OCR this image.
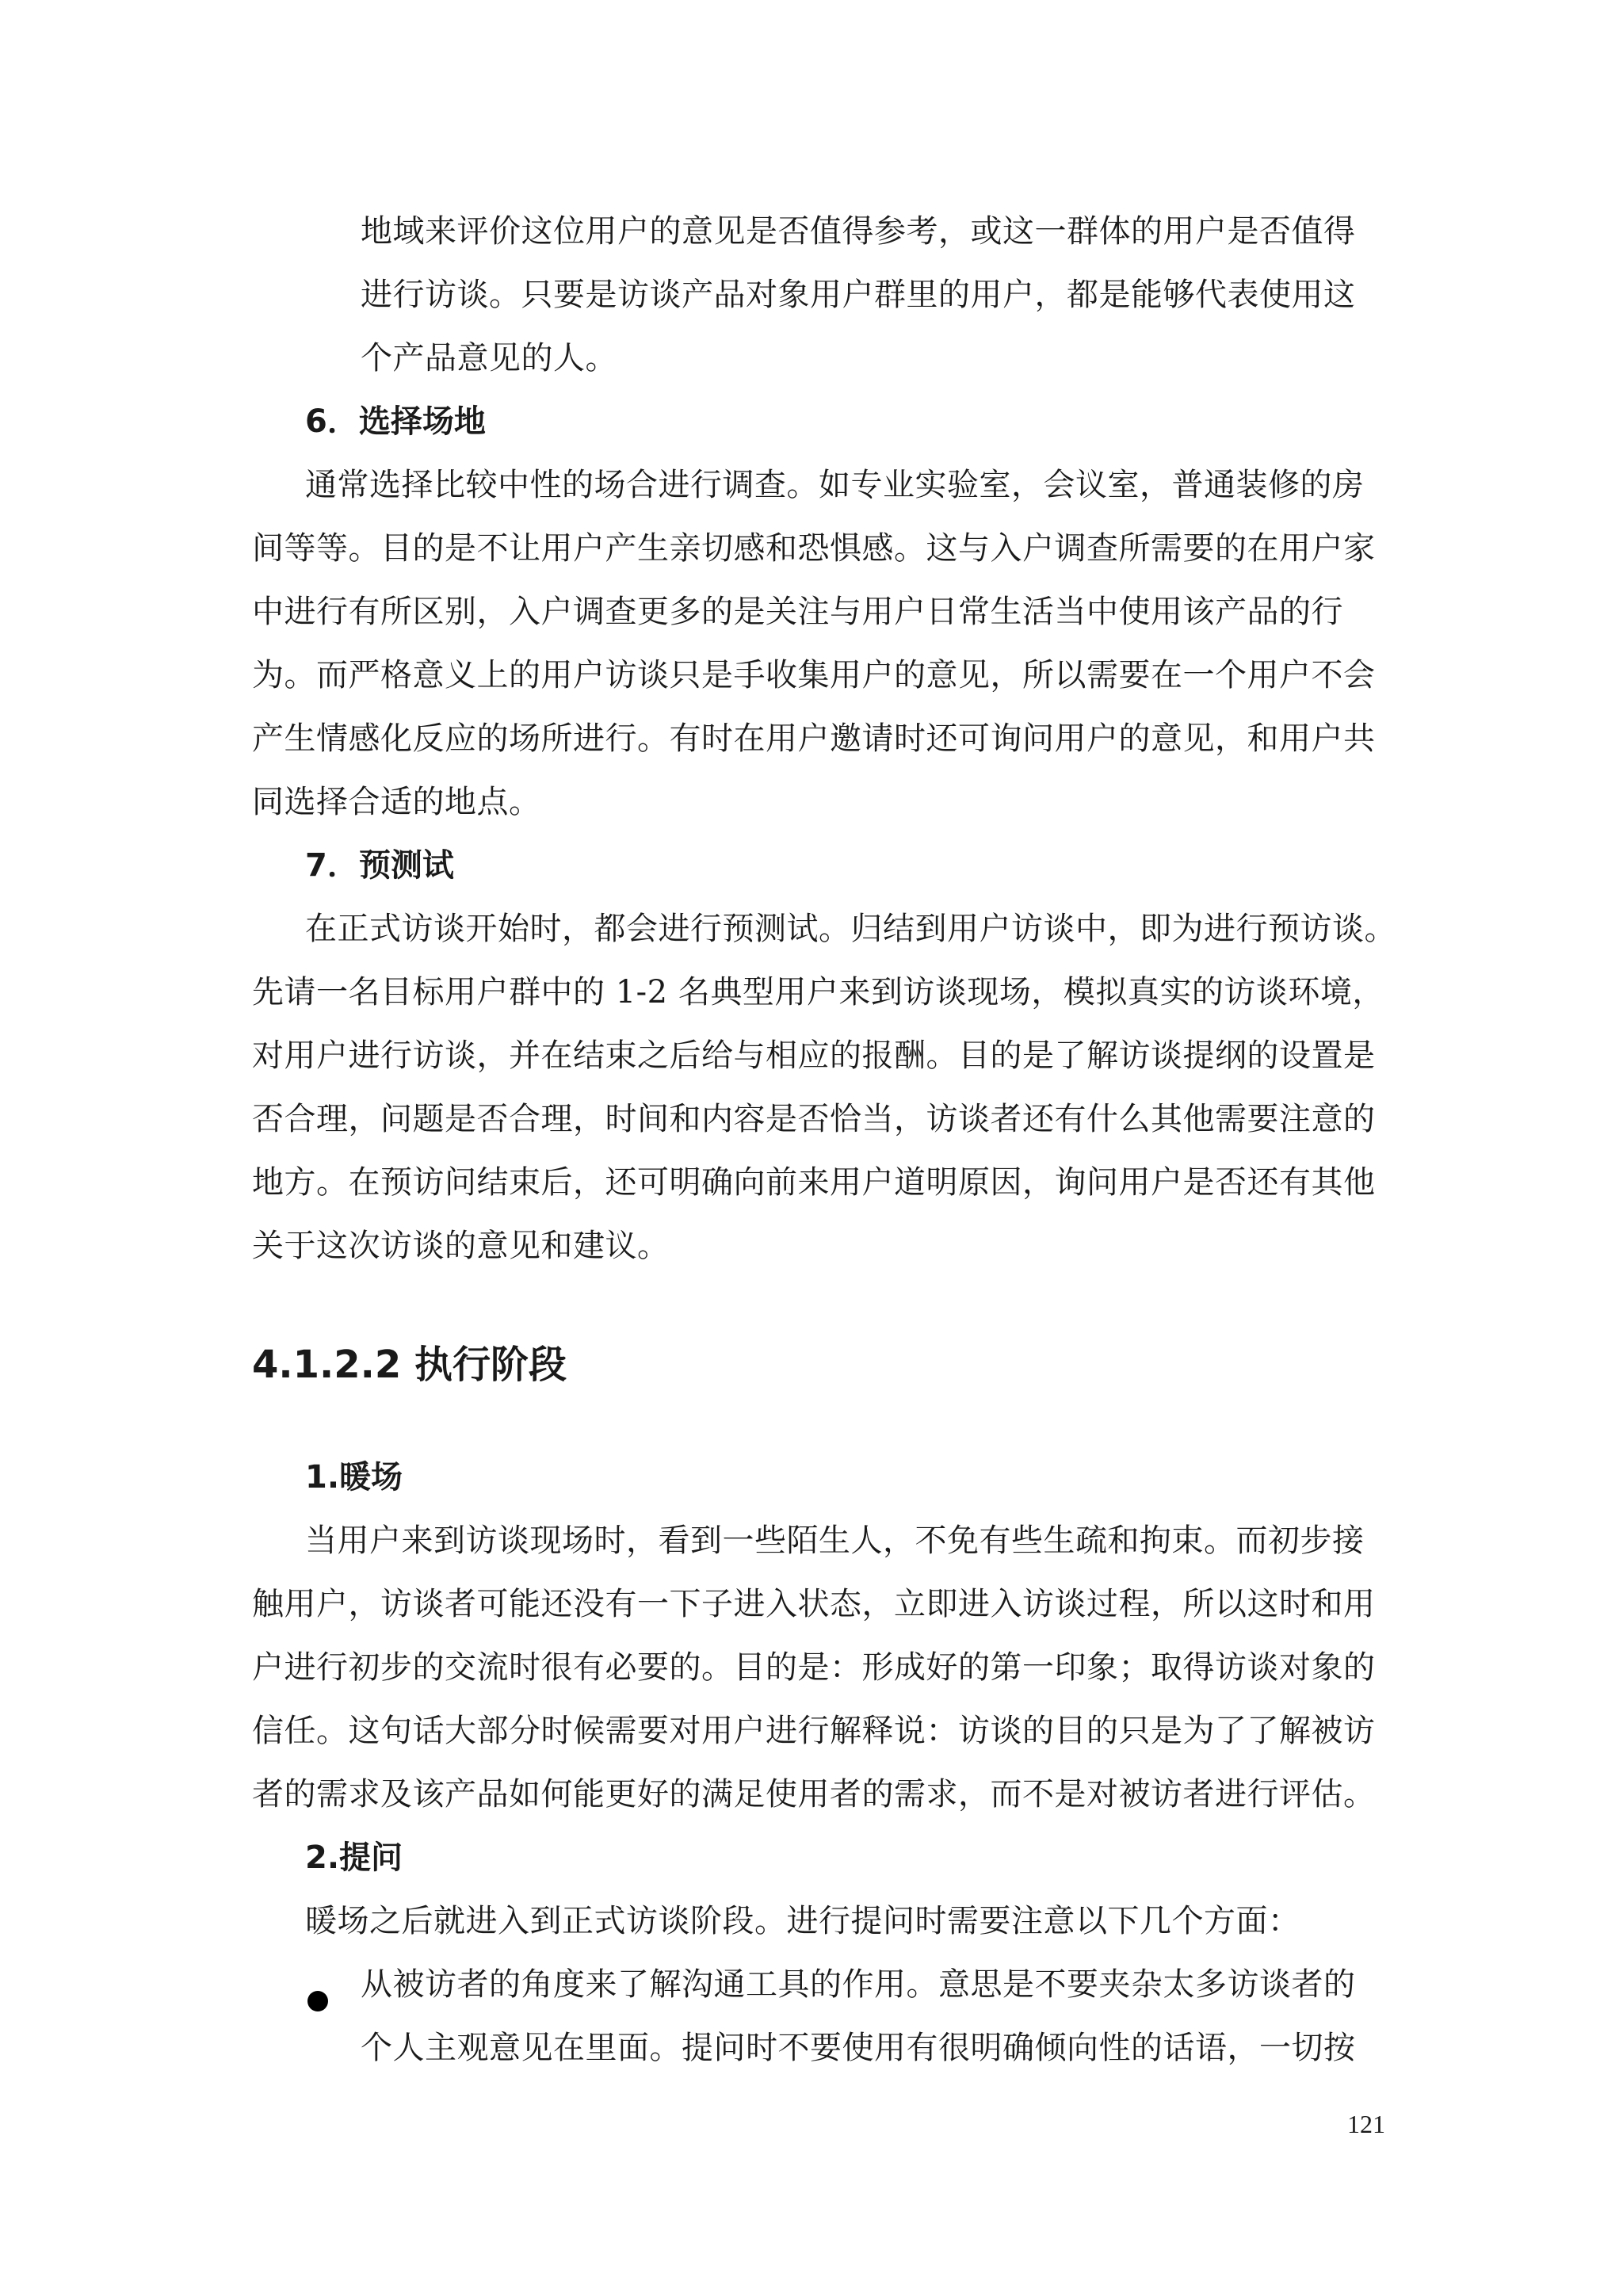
地域来评价这位用户的意见是否值得参考，或这一群体的用户是否值得
进行访谈。只要是访谈产品对象用户群里的用户，都是能够代表使用这
个产品意见的人。
6．选择场地
通常选择比较中性的场合进行调查。如专业实验室，会议室，普通装修的房
间等等。目的是不让用户产生亲切感和恐惧感。这与入户调查所需要的在用户家
中进行有所区别，入户调查更多的是关注与用户日常生活当中使用该产品的行
为。而严格意义上的用户访谈只是手收集用户的意见，所以需要在一个用户不会
产生情感化反应的场所进行。有时在用户邀请时还可询问用户的意见，和用户共
同选择合适的地点。
7．预测试
在正式访谈开始时，都会进行预测试。归结到用户访谈中，即为进行预访谈。
先请一名目标用户群中的 1-2 名典型用户来到访谈现场，模拟真实的访谈环境，
对用户进行访谈，并在结束之后给与相应的报酬。目的是了解访谈提纲的设置是
否合理，问题是否合理，时间和内容是否恰当，访谈者还有什么其他需要注意的
地方。在预访问结束后，还可明确向前来用户道明原因，询问用户是否还有其他
关于这次访谈的意见和建议。
4.1.2.2 执行阶段
1.暖场
当用户来到访谈现场时，看到一些陌生人，不免有些生疏和拘束。而初步接
触用户，访谈者可能还没有一下子进入状态，立即进入访谈过程，所以这时和用
户进行初步的交流时很有必要的。目的是：形成好的第一印象；取得访谈对象的
信任。这句话大部分时候需要对用户进行解释说：访谈的目的只是为了了解被访
者的需求及该产品如何能更好的满足使用者的需求，而不是对被访者进行评估。
2.提问
暖场之后就进入到正式访谈阶段。进行提问时需要注意以下几个方面：
从被访者的角度来了解沟通工具的作用。意思是不要夹杂太多访谈者的
个人主观意见在里面。提问时不要使用有很明确倾向性的话语，一切按
121
